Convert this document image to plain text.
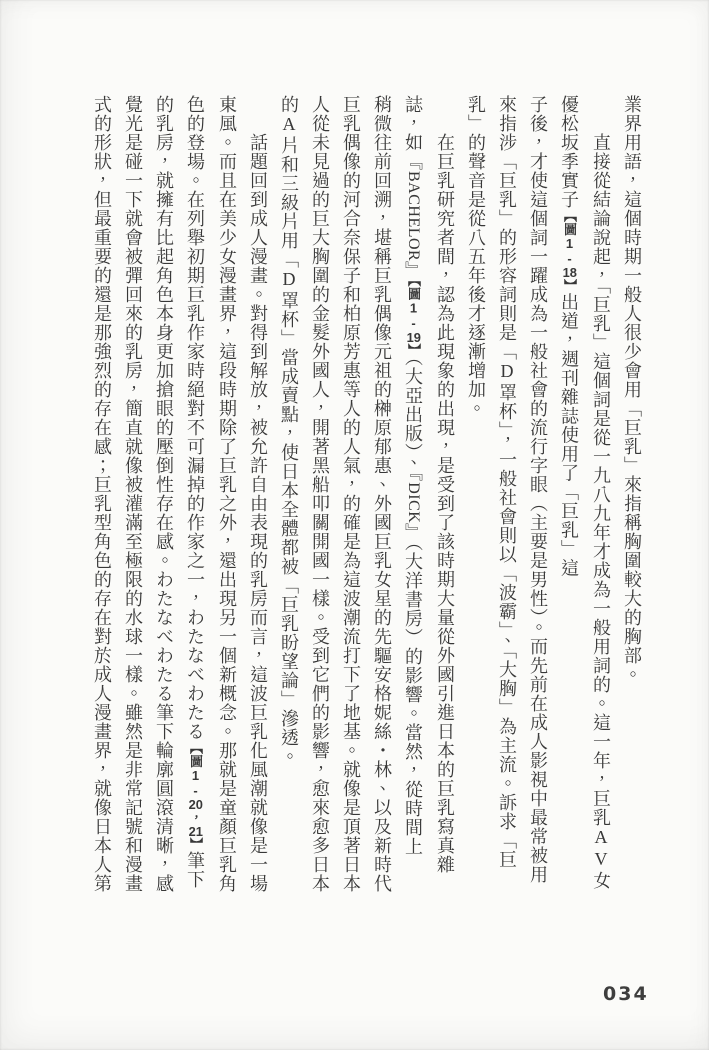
業界用語，這個時期一般人很少會用「巨乳」來指稱胸圍較大的胸部。
直接從結論說起，「巨乳」這個詞是從一九八九年才成為一般用詞的。這一年，巨乳AV女
優松坂季實子【圖1-18】出道，週刊雜誌使用了「巨乳」這
子後，才使這個詞一躍成為一般社會的流行字眼（主要是男性）。而先前在成人影視中最常被用
來指涉「巨乳」的形容詞則是「D罩杯」，一般社會則以「波霸」、「大胸」為主流。訴求「巨
乳」的聲音是從八五年後才逐漸增加。
在巨乳研究者間，認為此現象的出現，是受到了該時期大量從外國引進日本的巨乳寫真雜
誌，如『BACHELOR』【圖1-19】（大亞出版）、『DICK』（大洋書房）的影響。當然，從時間上
稍微往前回溯，堪稱巨乳偶像元祖的榊原郁惠、外國巨乳女星的先驅安格妮絲・林、以及新時代
巨乳偶像的河合奈保子和柏原芳惠等人的人氣，的確是為這波潮流打下了地基。就像是頂著日本
人從未見過的巨大胸圍的金髮外國人，開著黑船叩關開國一樣。受到它們的影響，愈來愈多日本
的A片和三級片用「D罩杯」當成賣點，使日本全體都被「巨乳盼望論」滲透。
話題回到成人漫畫。對得到解放，被允許自由表現的乳房而言，這波巨乳化風潮就像是一場
東風。而且在美少女漫畫界，這段時期除了巨乳之外，還出現另一個新概念。那就是童顏巨乳角
色的登場。在列舉初期巨乳作家時絕對不可漏掉的作家之一，わたなべわたる【圖1-20，21】筆下
的乳房，就擁有比起角色本身更加搶眼的壓倒性存在感。わたなべわたる筆下輪廓圓滾清晰，感
覺光是碰一下就會被彈回來的乳房，簡直就像被灌滿至極限的水球一樣。雖然是非常記號和漫畫
式的形狀，但最重要的還是那強烈的存在感；巨乳型角色的存在對於成人漫畫界，就像日本人第
034
